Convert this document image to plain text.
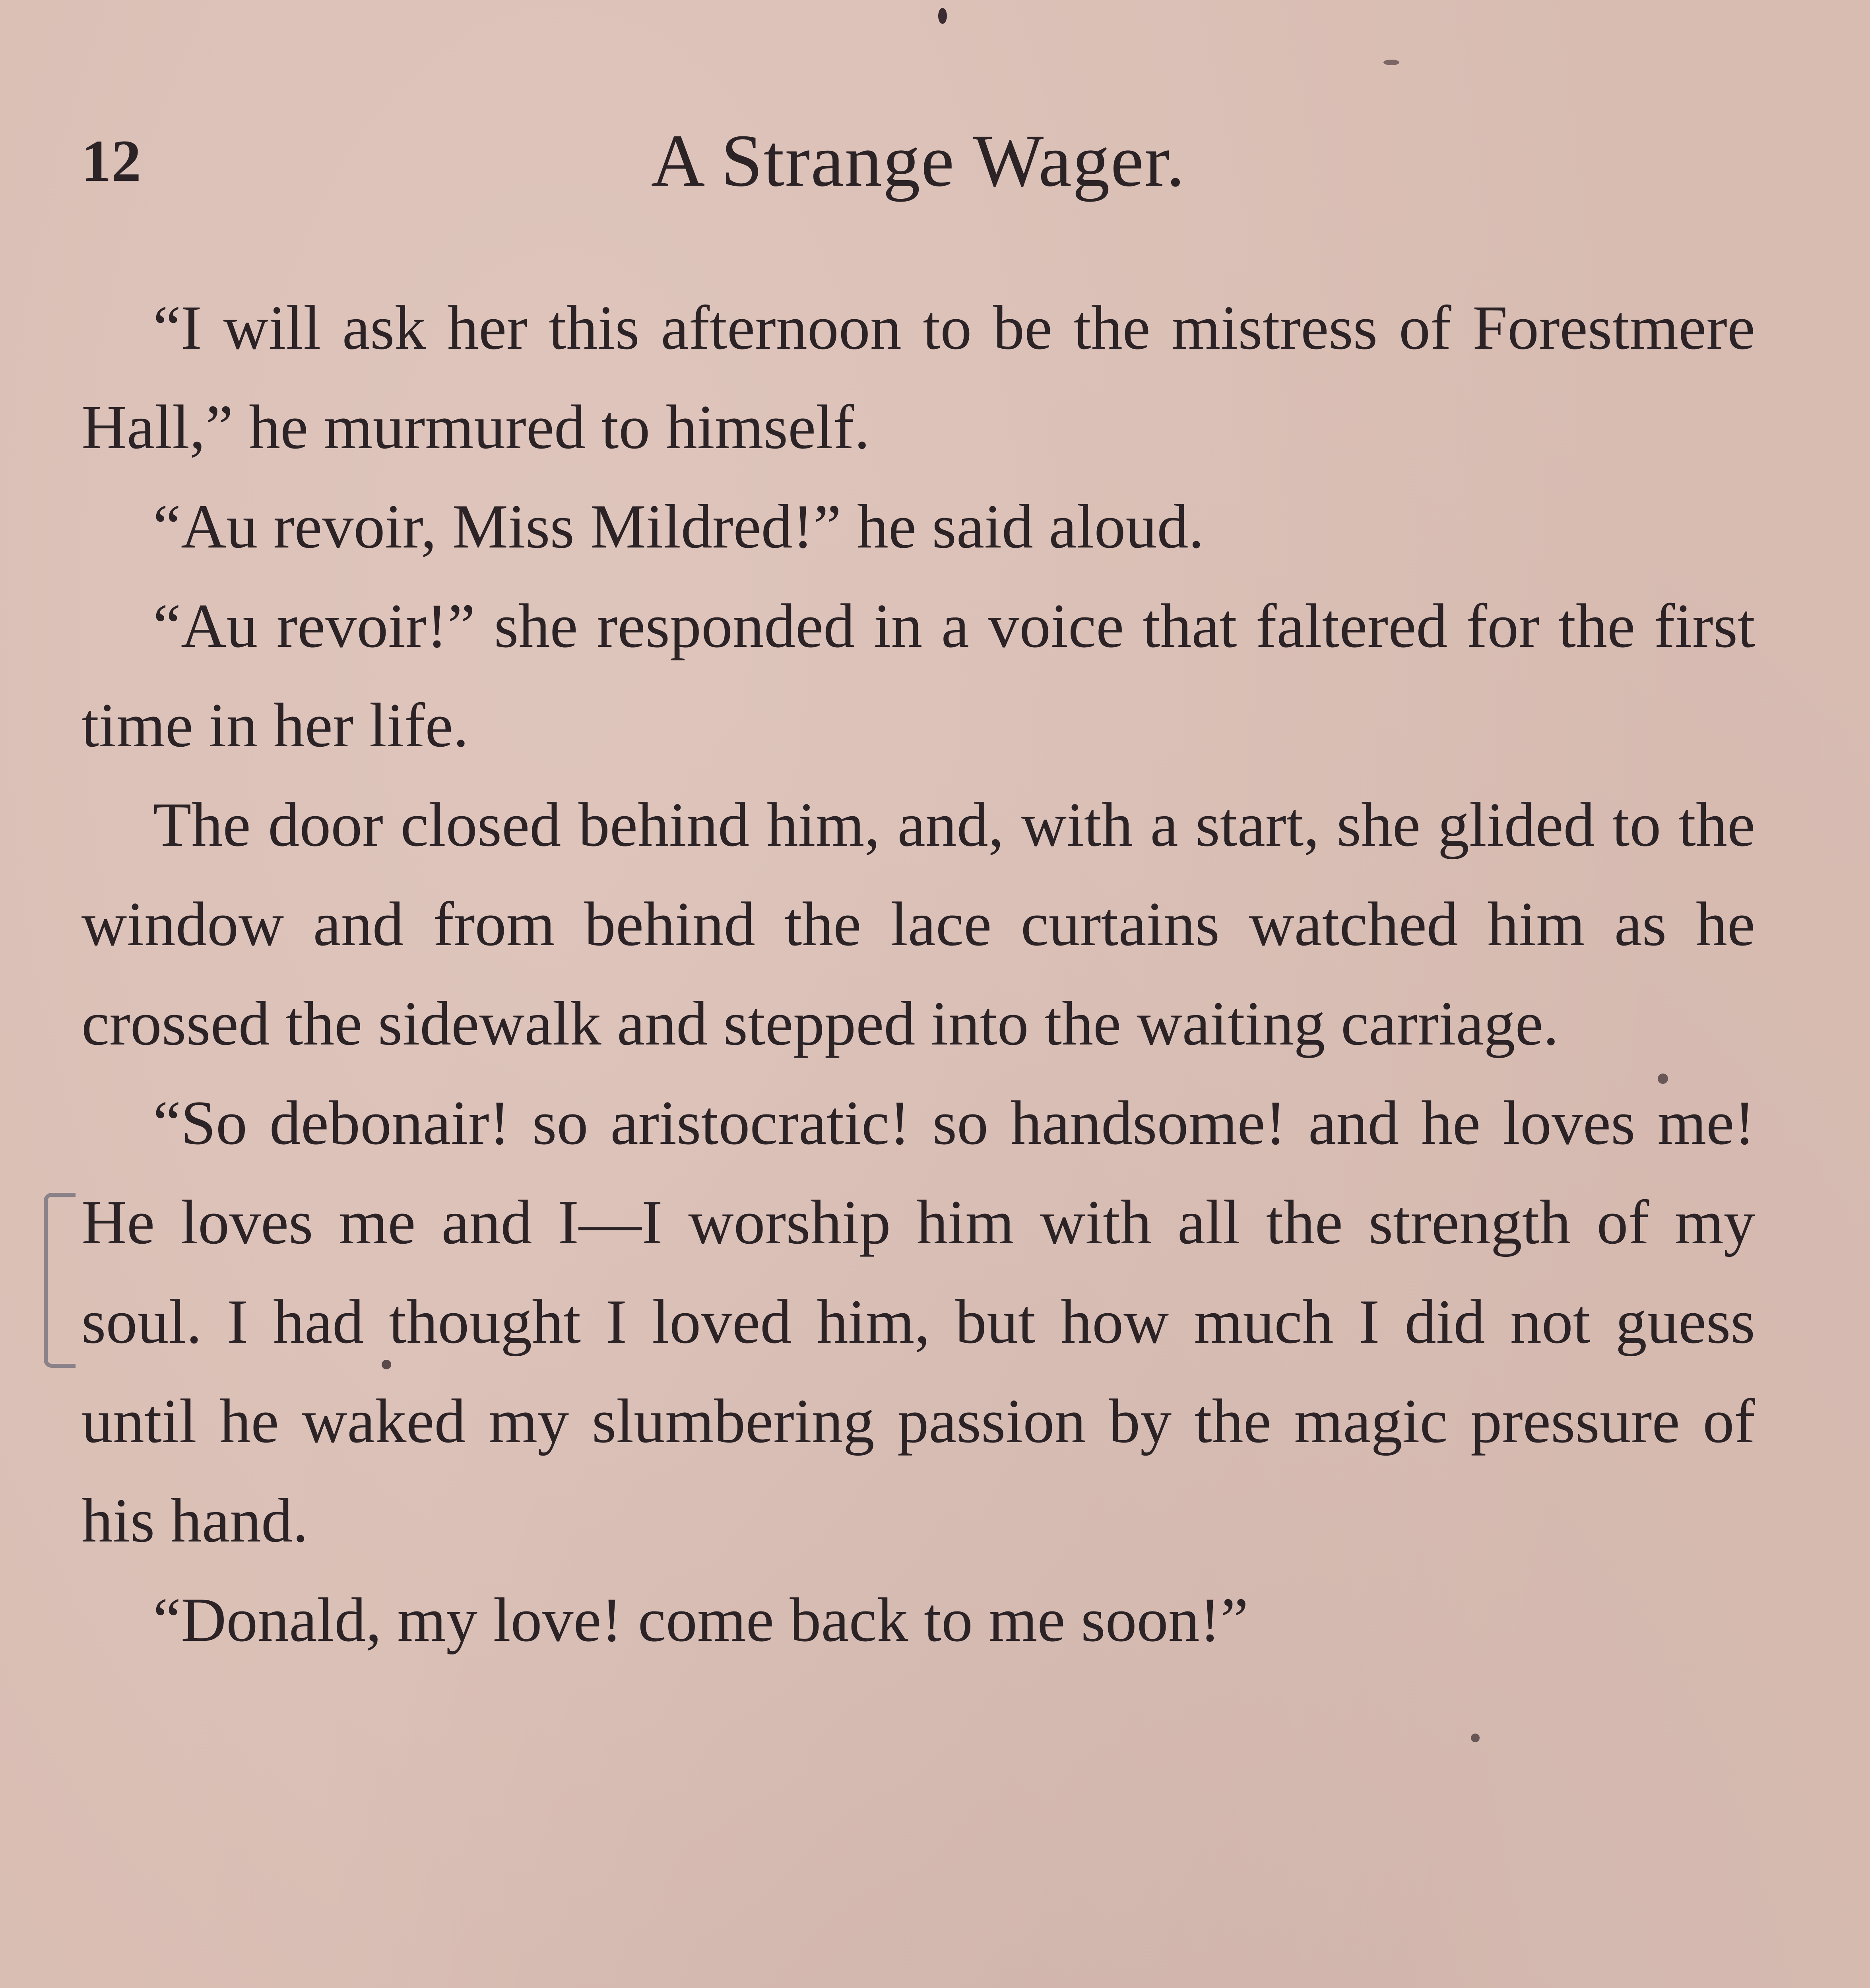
12	A Strange Wager.

“I will ask her this afternoon to be the mistress of Forestmere Hall,” he murmured to himself.

“Au revoir, Miss Mildred!” he said aloud.

“Au revoir!” she responded in a voice that faltered for the first time in her life.

The door closed behind him, and, with a start, she glided to the window and from behind the lace curtains watched him as he crossed the sidewalk and stepped into the waiting carriage.

“So debonair! so aristocratic! so handsome! and he loves me! He loves me and I—I worship him with all the strength of my soul. I had thought I loved him, but how much I did not guess until he waked my slumbering passion by the magic pressure of his hand.

“Donald, my love! come back to me soon!”
